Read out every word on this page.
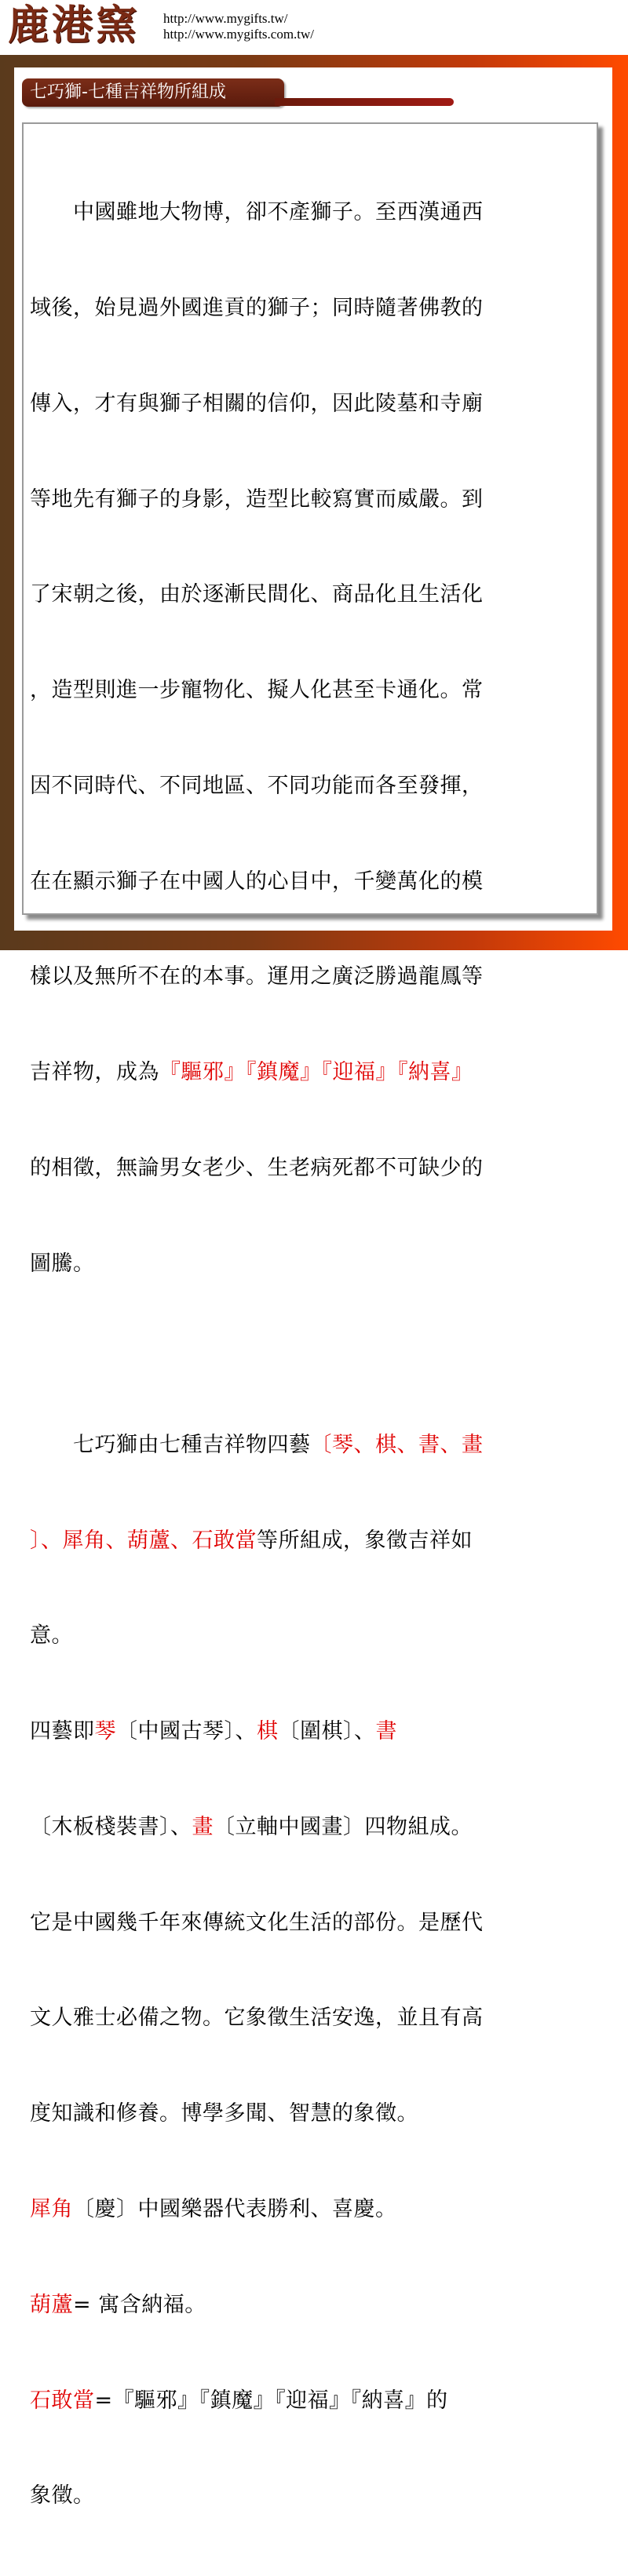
鹿港窯 http://www.mygifts.tw/
http://www.mygifts.com.tw/
七巧獅-七種吉祥物所組成

　　中國雖地大物博，卻不產獅子。至西漢通西

域後，始見過外國進貢的獅子；同時隨著佛教的

傳入，才有與獅子相關的信仰，因此陵墓和寺廟

等地先有獅子的身影，造型比較寫實而威嚴。到

了宋朝之後，由於逐漸民間化、商品化且生活化

，造型則進一步寵物化、擬人化甚至卡通化。常

因不同時代、不同地區、不同功能而各至發揮，

在在顯示獅子在中國人的心目中，千變萬化的模

樣以及無所不在的本事。運用之廣泛勝過龍鳳等

吉祥物，成為『驅邪』『鎮魔』『迎福』『納喜』

的相徵，無論男女老少、生老病死都不可缺少的

圖騰。

　　七巧獅由七種吉祥物四藝〔琴、棋、書、畫

〕、犀角、葫蘆、石敢當等所組成，象徵吉祥如

意。

四藝即琴〔中國古琴〕、棋〔圍棋〕、書

〔木板棧裝書〕、畫〔立軸中國畫〕四物組成。

它是中國幾千年來傳統文化生活的部份。是歷代

文人雅士必備之物。它象徵生活安逸，並且有高

度知識和修養。博學多聞、智慧的象徵。

犀角〔慶〕中國樂器代表勝利、喜慶。

葫蘆= 寓含納福。

石敢當=『驅邪』『鎮魔』『迎福』『納喜』的

象徵。
